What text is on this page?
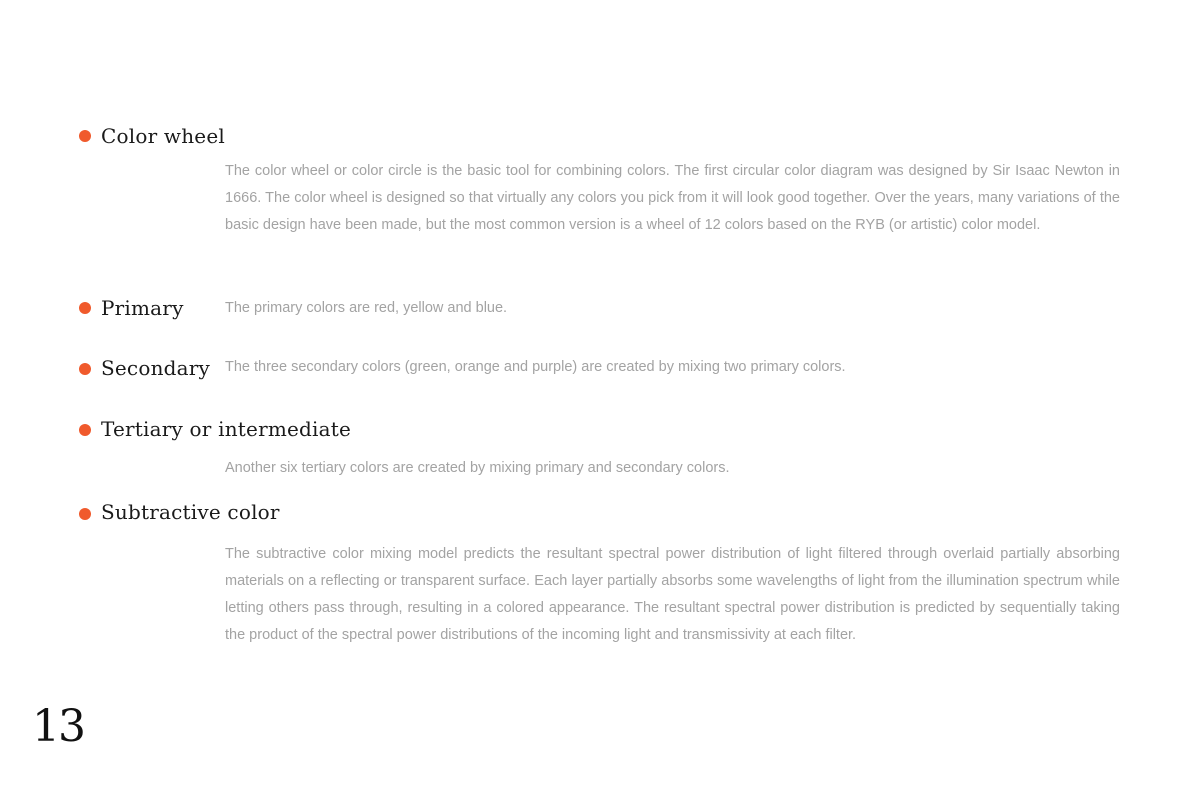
Color wheel

The color wheel or color circle is the basic tool for combining colors. The first circular color diagram was designed by Sir Isaac Newton in 1666. The color wheel is designed so that virtually any colors you pick from it will look good together. Over the years, many variations of the basic design have been made, but the most common version is a wheel of 12 colors based on the RYB (or artistic) color model.

Primary	The primary colors are red, yellow and blue.

Secondary The three secondary colors (green, orange and purple) are created by mixing two primary colors.

Tertiary or intermediate

Another six tertiary colors are created by mixing primary and secondary colors.

Subtractive color

The subtractive color mixing model predicts the resultant spectral power distribution of light filtered through overlaid partially absorbing materials on a reflecting or transparent surface. Each layer partially absorbs some wavelengths of light from the illumination spectrum while letting others pass through, resulting in a colored appearance. The resultant spectral power distribution is predicted by sequentially taking the product of the spectral power distributions of the incoming light and transmissivity at each filter.

13
